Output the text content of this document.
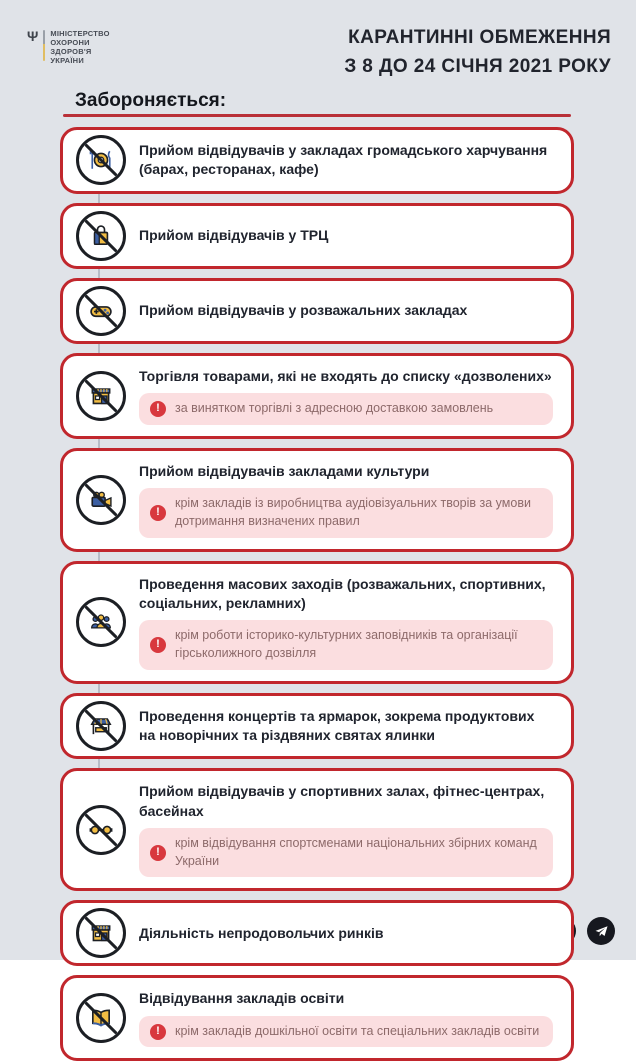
Ψ МІНІСТЕРСТВО
ОХОРОНИ
ЗДОРОВ'Я
УКРАЇНИ
КАРАНТИННІ ОБМЕЖЕННЯ
З 8 ДО 24 СІЧНЯ 2021 РОКУ
Забороняється:
Прийом відвідувачів у закладах громадського харчування (барах, ресторанах, кафе)
Прийом відвідувачів у ТРЦ
Прийом відвідувачів у розважальних закладах
Торгівля товарами, які не входять до списку «дозволених»
!	за винятком торгівлі з адресною доставкою замовлень
Прийом відвідувачів закладами культури
!
крім закладів із виробництва аудіовізуальних творів за умови дотримання визначених правил
Проведення масових заходів (розважальних, спортивних, соціальних, рекламних)
!
крім роботи історико-культурних заповідників та організації гірськолижного дозвілля
Проведення концертів та ярмарок, зокрема продуктових на новорічних та різдвяних святах ялинки
Прийом відвідувачів у спортивних залах, фітнес-центрах, басейнах
!
крім відвідування спортсменами національних збірних команд України
Діяльність непродовольчих ринків
Відвідування закладів освіти
!	крім закладів дошкільної освіти та спеціальних закладів освіти
